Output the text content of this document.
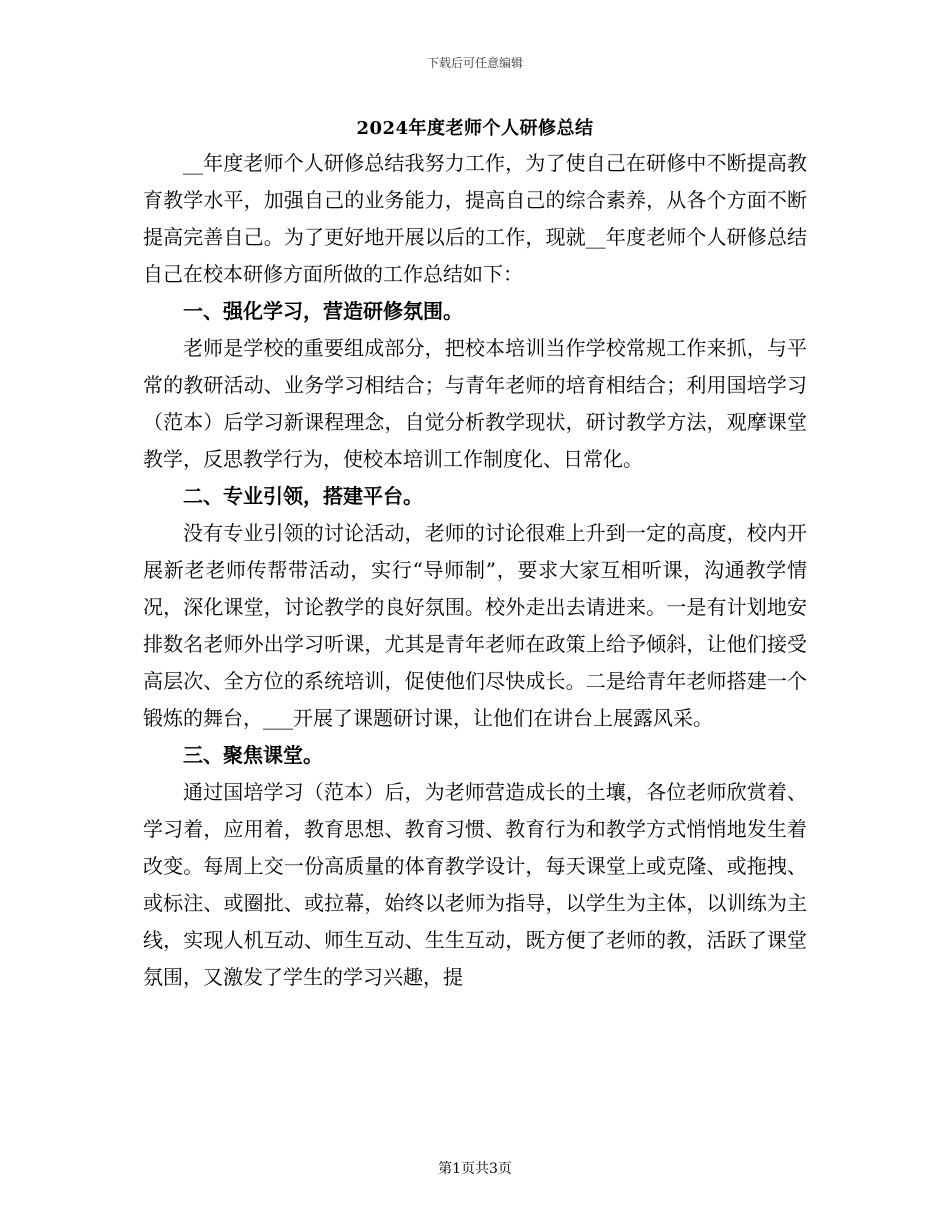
下载后可任意编辑
2024年度老师个人研修总结

__年度老师个人研修总结我努力工作，为了使自己在研修中不断提高教育教学水平，加强自己的业务能力，提高自己的综合素养，从各个方面不断提高完善自己。为了更好地开展以后的工作，现就__年度老师个人研修总结自己在校本研修方面所做的工作总结如下：

一、强化学习，营造研修氛围。

老师是学校的重要组成部分，把校本培训当作学校常规工作来抓，与平常的教研活动、业务学习相结合；与青年老师的培育相结合；利用国培学习（范本）后学习新课程理念，自觉分析教学现状，研讨教学方法，观摩课堂教学，反思教学行为，使校本培训工作制度化、日常化。

二、专业引领，搭建平台。

没有专业引领的讨论活动，老师的讨论很难上升到一定的高度，校内开展新老老师传帮带活动，实行“导师制”，要求大家互相听课，沟通教学情况，深化课堂，讨论教学的良好氛围。校外走出去请进来。一是有计划地安排数名老师外出学习听课，尤其是青年老师在政策上给予倾斜，让他们接受高层次、全方位的系统培训，促使他们尽快成长。二是给青年老师搭建一个锻炼的舞台，___开展了课题研讨课，让他们在讲台上展露风采。

三、聚焦课堂。

通过国培学习（范本）后，为老师营造成长的土壤，各位老师欣赏着、学习着，应用着，教育思想、教育习惯、教育行为和教学方式悄悄地发生着改变。每周上交一份高质量的体育教学设计，每天课堂上或克隆、或拖拽、或标注、或圈批、或拉幕，始终以老师为指导，以学生为主体，以训练为主线，实现人机互动、师生互动、生生互动，既方便了老师的教，活跃了课堂氛围，又激发了学生的学习兴趣，提

第1页共3页
